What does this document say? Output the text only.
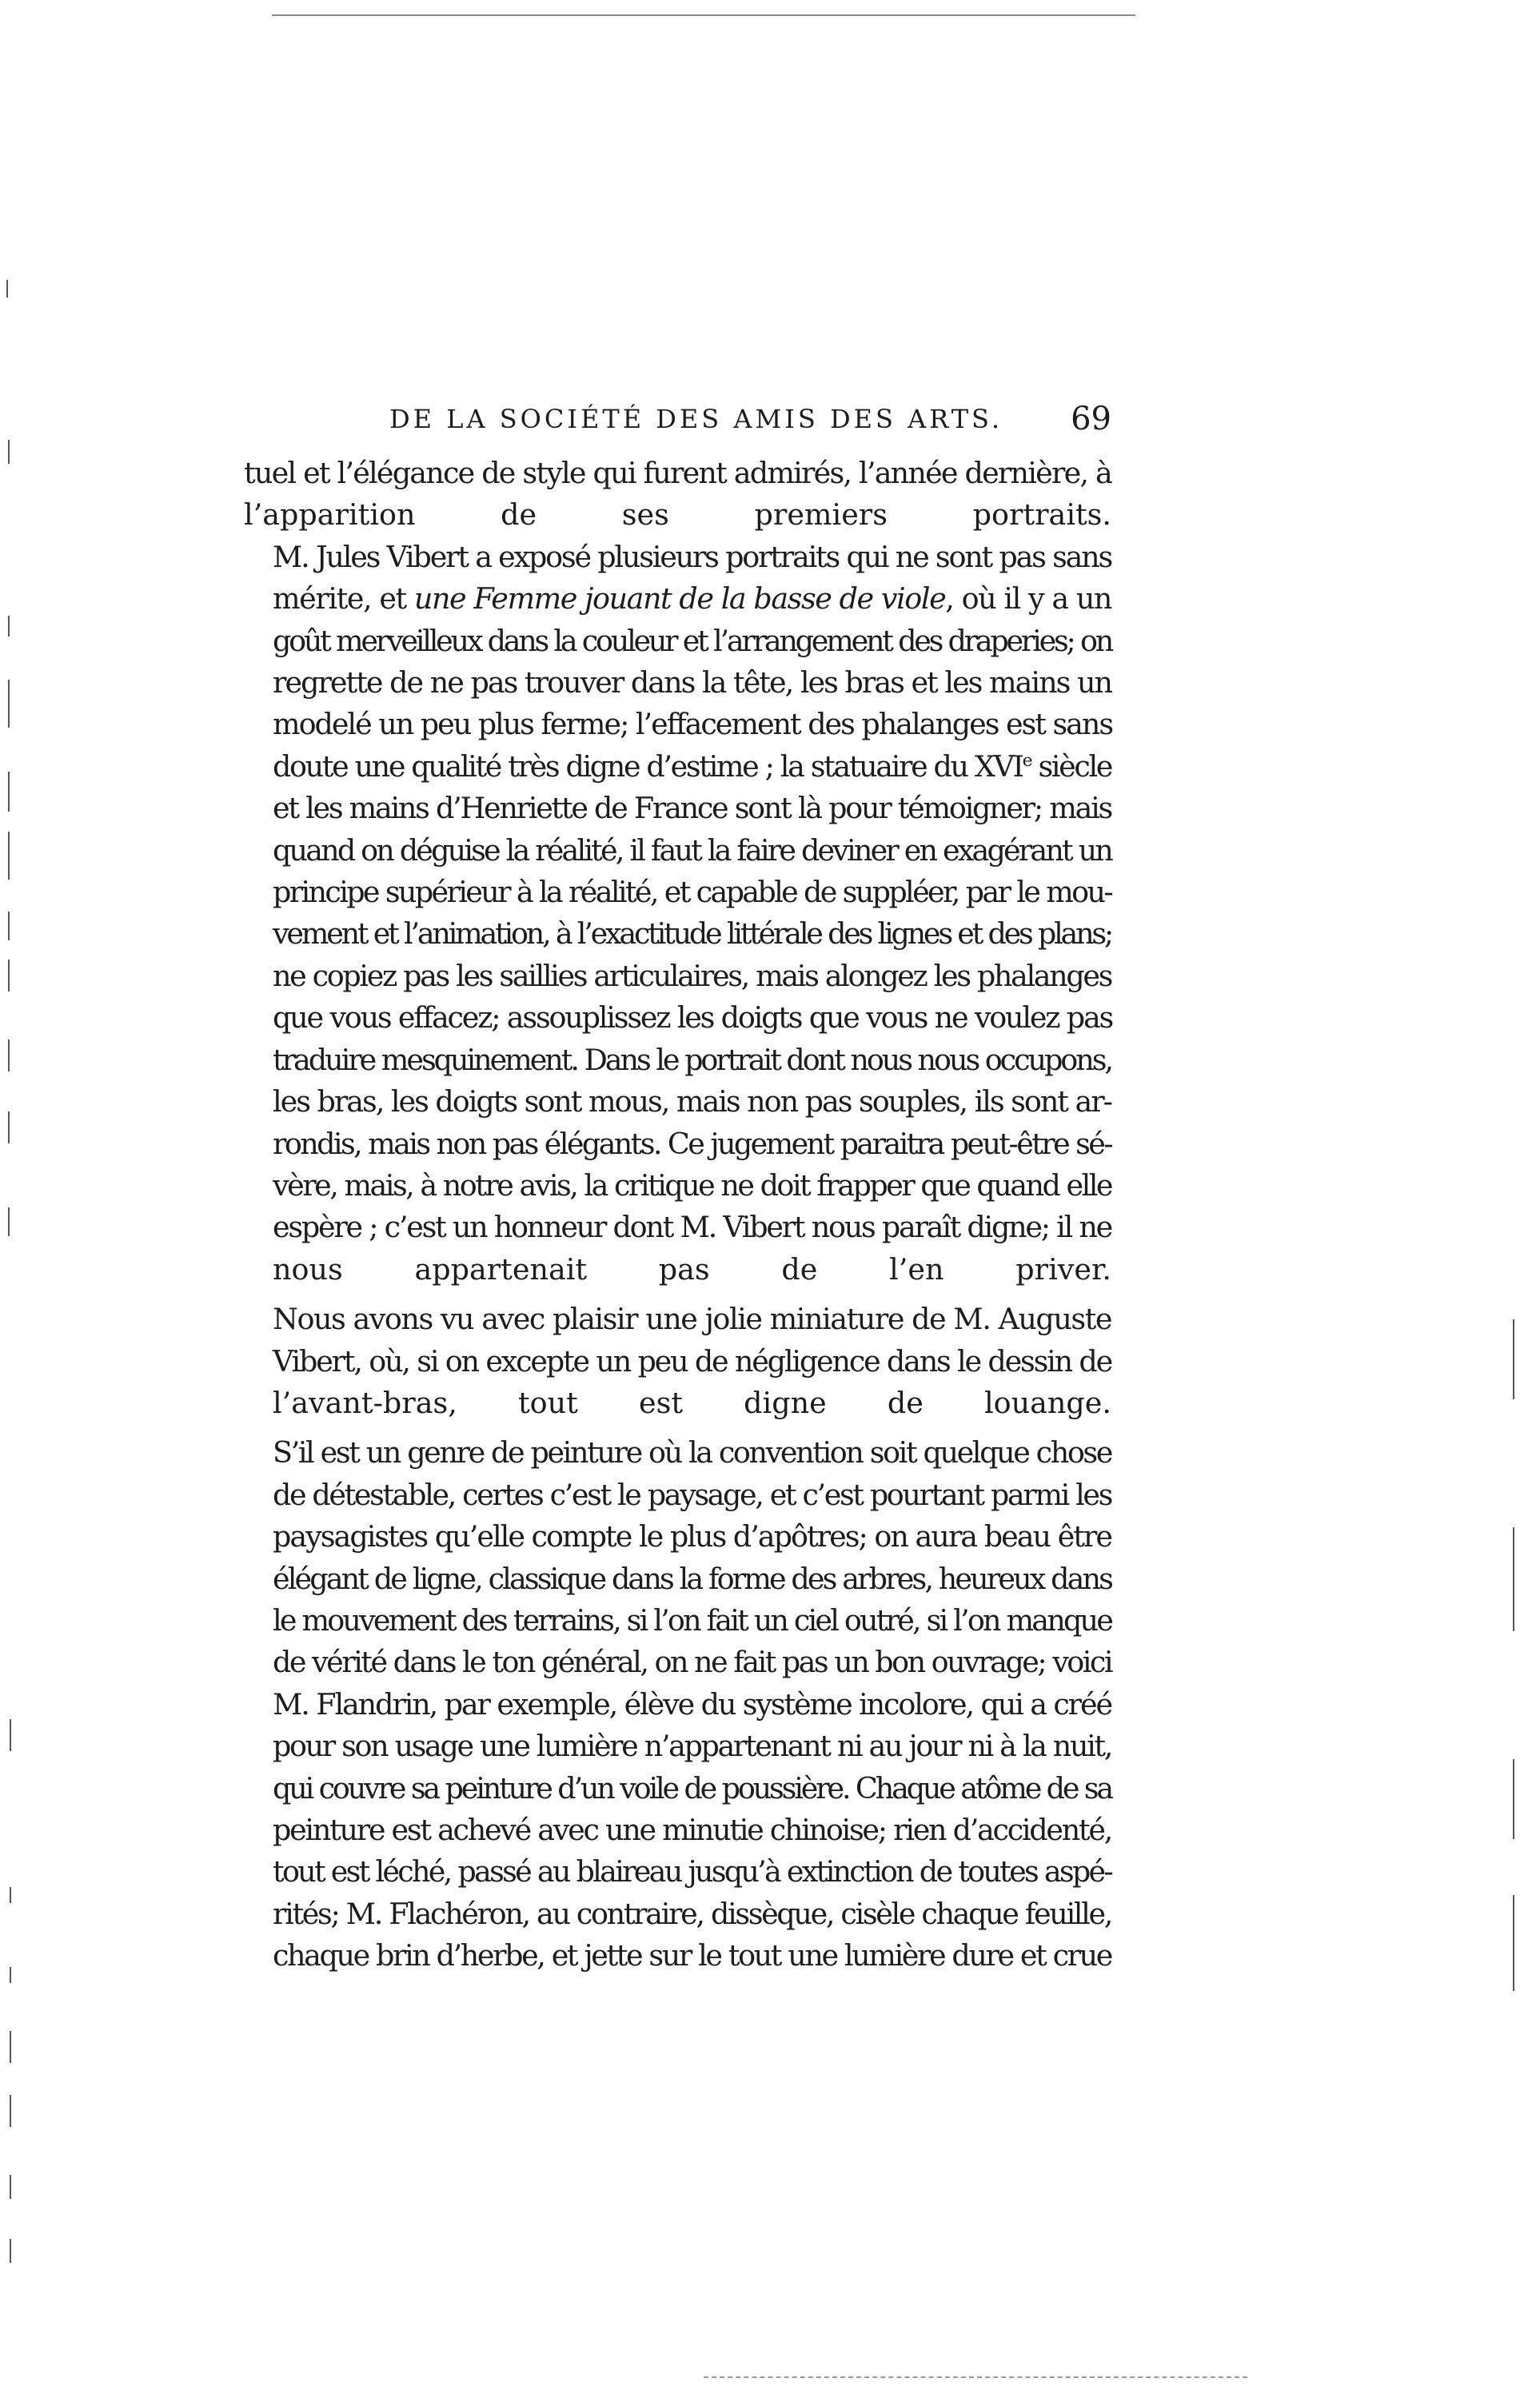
DE LA SOCIÉTÉ DES AMIS DES ARTS. 69

tuel et l’élégance de style qui furent admirés, l’année dernière, à
l’apparition de ses premiers portraits.

M. Jules Vibert a exposé plusieurs portraits qui ne sont pas sans
mérite, et une Femme jouant de la basse de viole, où il y a un
goût merveilleux dans la couleur et l’arrangement des draperies; on
regrette de ne pas trouver dans la tête, les bras et les mains un
modelé un peu plus ferme; l’effacement des phalanges est sans
doute une qualité très digne d’estime ; la statuaire du XVIe siècle
et les mains d’Henriette de France sont là pour témoigner; mais
quand on déguise la réalité, il faut la faire deviner en exagérant un
principe supérieur à la réalité, et capable de suppléer, par le mou-
vement et l’animation, à l’exactitude littérale des lignes et des plans;
ne copiez pas les saillies articulaires, mais alongez les phalanges
que vous effacez; assouplissez les doigts que vous ne voulez pas
traduire mesquinement. Dans le portrait dont nous nous occupons,
les bras, les doigts sont mous, mais non pas souples, ils sont ar-
rondis, mais non pas élégants. Ce jugement paraitra peut-être sé-
vère, mais, à notre avis, la critique ne doit frapper que quand elle
espère ; c’est un honneur dont M. Vibert nous paraît digne; il ne
nous appartenait pas de l’en priver.

Nous avons vu avec plaisir une jolie miniature de M. Auguste
Vibert, où, si on excepte un peu de négligence dans le dessin de
l’avant-bras, tout est digne de louange.

S’il est un genre de peinture où la convention soit quelque chose
de détestable, certes c’est le paysage, et c’est pourtant parmi les
paysagistes qu’elle compte le plus d’apôtres; on aura beau être
élégant de ligne, classique dans la forme des arbres, heureux dans
le mouvement des terrains, si l’on fait un ciel outré, si l’on manque
de vérité dans le ton général, on ne fait pas un bon ouvrage; voici
M. Flandrin, par exemple, élève du système incolore, qui a créé
pour son usage une lumière n’appartenant ni au jour ni à la nuit,
qui couvre sa peinture d’un voile de poussière. Chaque atôme de sa
peinture est achevé avec une minutie chinoise; rien d’accidenté,
tout est léché, passé au blaireau jusqu’à extinction de toutes aspé-
rités; M. Flachéron, au contraire, dissèque, cisèle chaque feuille,
chaque brin d’herbe, et jette sur le tout une lumière dure et crue
